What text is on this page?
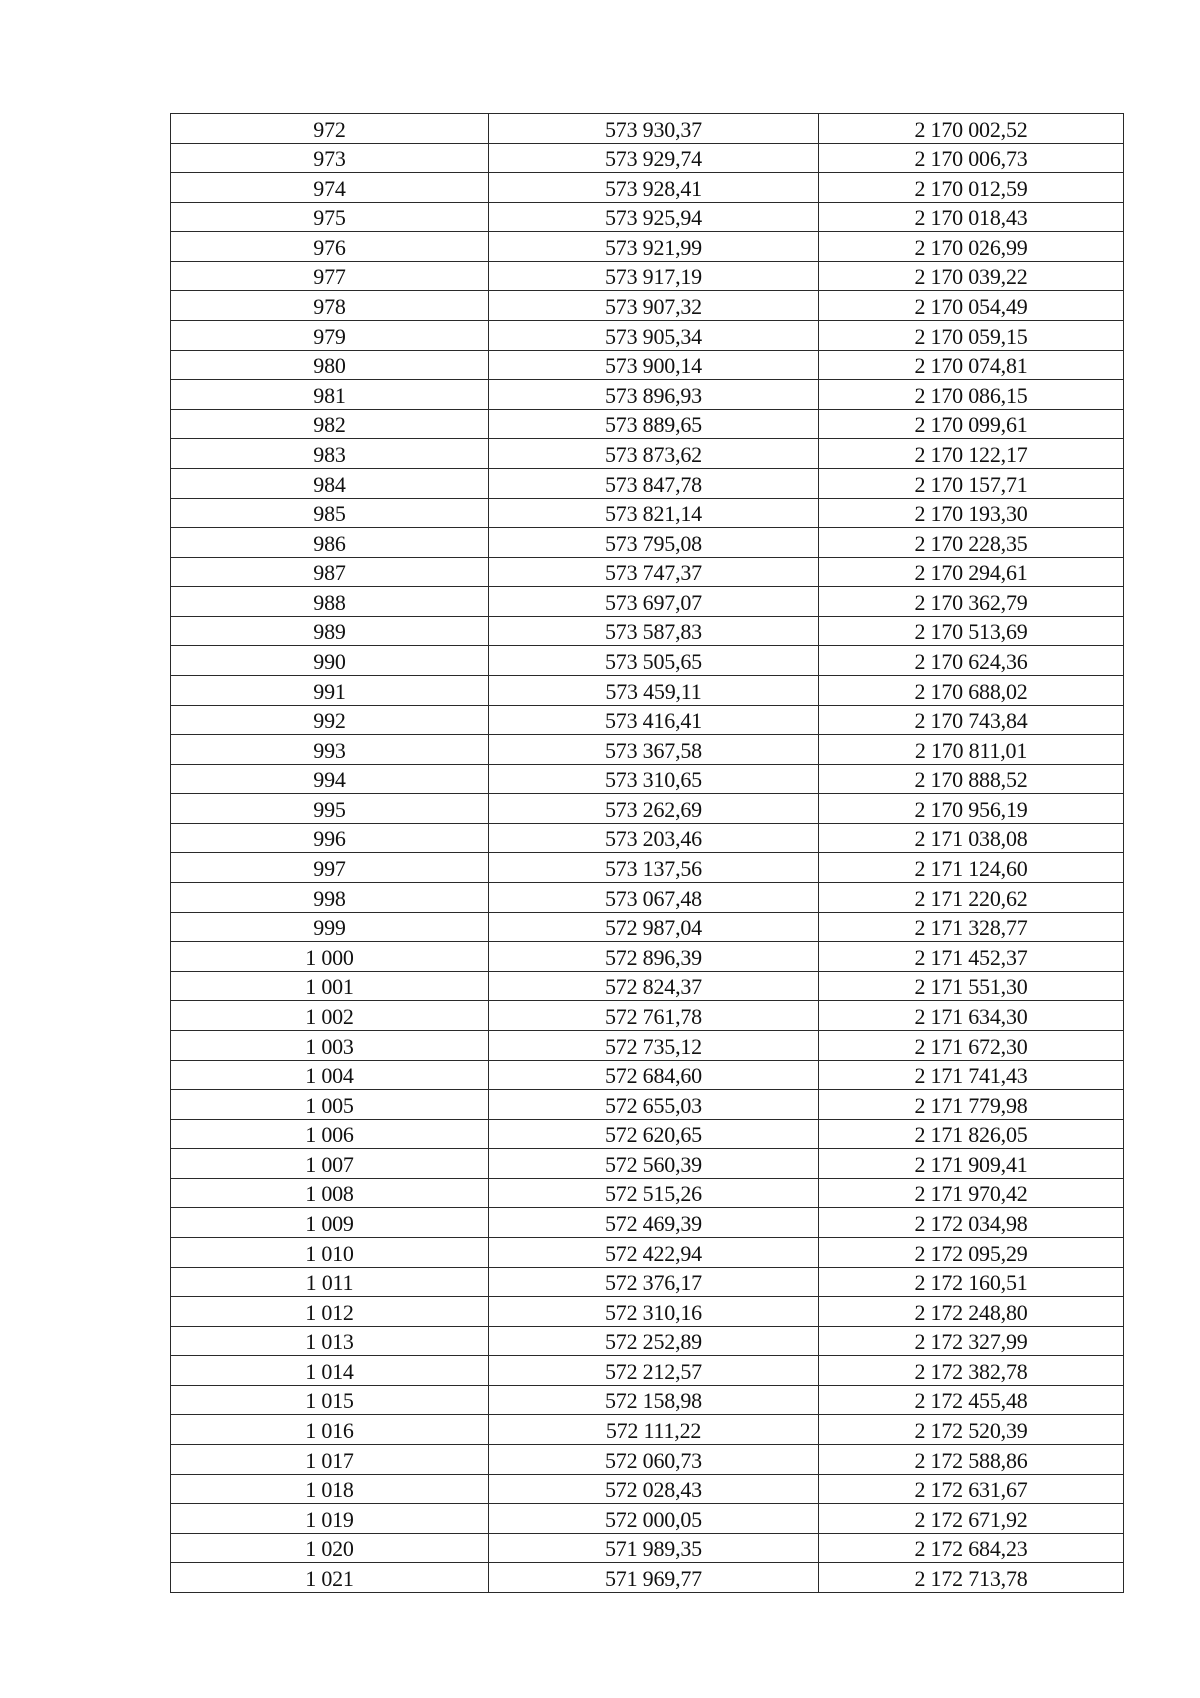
972	573 930,37	2 170 002,52
973	573 929,74	2 170 006,73
974	573 928,41	2 170 012,59
975	573 925,94	2 170 018,43
976	573 921,99	2 170 026,99
977	573 917,19	2 170 039,22
978	573 907,32	2 170 054,49
979	573 905,34	2 170 059,15
980	573 900,14	2 170 074,81
981	573 896,93	2 170 086,15
982	573 889,65	2 170 099,61
983	573 873,62	2 170 122,17
984	573 847,78	2 170 157,71
985	573 821,14	2 170 193,30
986	573 795,08	2 170 228,35
987	573 747,37	2 170 294,61
988	573 697,07	2 170 362,79
989	573 587,83	2 170 513,69
990	573 505,65	2 170 624,36
991	573 459,11	2 170 688,02
992	573 416,41	2 170 743,84
993	573 367,58	2 170 811,01
994	573 310,65	2 170 888,52
995	573 262,69	2 170 956,19
996	573 203,46	2 171 038,08
997	573 137,56	2 171 124,60
998	573 067,48	2 171 220,62
999	572 987,04	2 171 328,77
1 000	572 896,39	2 171 452,37
1 001	572 824,37	2 171 551,30
1 002	572 761,78	2 171 634,30
1 003	572 735,12	2 171 672,30
1 004	572 684,60	2 171 741,43
1 005	572 655,03	2 171 779,98
1 006	572 620,65	2 171 826,05
1 007	572 560,39	2 171 909,41
1 008	572 515,26	2 171 970,42
1 009	572 469,39	2 172 034,98
1 010	572 422,94	2 172 095,29
1 011	572 376,17	2 172 160,51
1 012	572 310,16	2 172 248,80
1 013	572 252,89	2 172 327,99
1 014	572 212,57	2 172 382,78
1 015	572 158,98	2 172 455,48
1 016	572 111,22	2 172 520,39
1 017	572 060,73	2 172 588,86
1 018	572 028,43	2 172 631,67
1 019	572 000,05	2 172 671,92
1 020	571 989,35	2 172 684,23
1 021	571 969,77	2 172 713,78
